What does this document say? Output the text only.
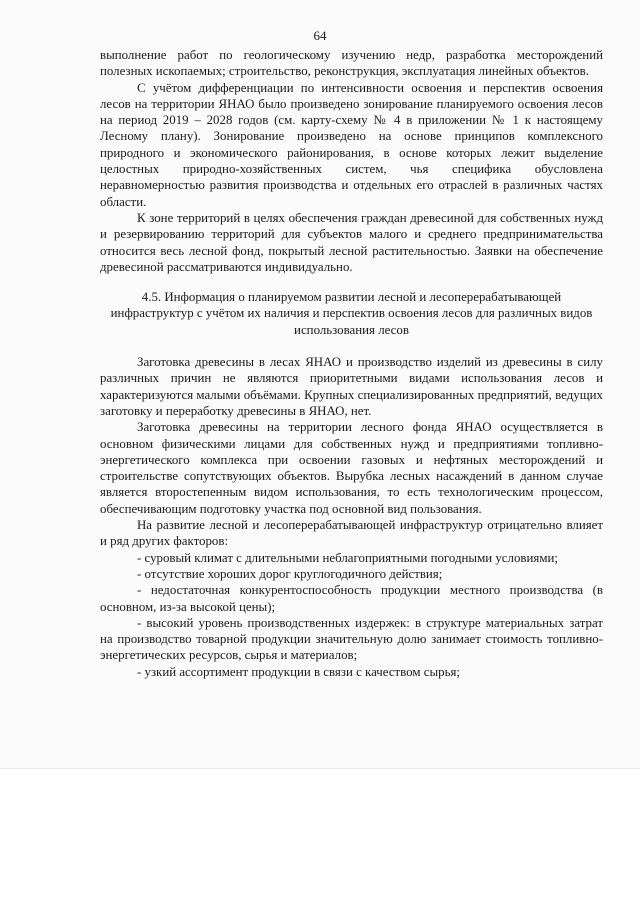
64

выполнение работ по геологическому изучению недр, разработка месторождений полезных ископаемых; строительство, реконструкция, эксплуатация линейных объектов.

С учётом дифференциации по интенсивности освоения и перспектив освоения лесов на территории ЯНАО было произведено зонирование планируемого освоения лесов на период 2019 – 2028 годов (см. карту-схему № 4 в приложении № 1 к настоящему Лесному плану). Зонирование произведено на основе принципов комплексного природного и экономического районирования, в основе которых лежит выделение целостных природно-хозяйственных систем, чья специфика обусловлена неравномерностью развития производства и отдельных его отраслей в различных частях области.

К зоне территорий в целях обеспечения граждан древесиной для собственных нужд и резервированию территорий для субъектов малого и среднего предпринимательства относится весь лесной фонд, покрытый лесной растительностью. Заявки на обеспечение древесиной рассматриваются индивидуально.

4.5. Информация о планируемом развитии лесной и лесоперерабатывающей инфраструктур с учётом их наличия и перспектив освоения лесов для различных видов использования лесов

Заготовка древесины в лесах ЯНАО и производство изделий из древесины в силу различных причин не являются приоритетными видами использования лесов и характеризуются малыми объёмами. Крупных специализированных предприятий, ведущих заготовку и переработку древесины в ЯНАО, нет.

Заготовка древесины на территории лесного фонда ЯНАО осуществляется в основном физическими лицами для собственных нужд и предприятиями топливно-энергетического комплекса при освоении газовых и нефтяных месторождений и строительстве сопутствующих объектов. Вырубка лесных насаждений в данном случае является второстепенным видом использования, то есть технологическим процессом, обеспечивающим подготовку участка под основной вид пользования.

На развитие лесной и лесоперерабатывающей инфраструктур отрицательно влияет и ряд других факторов:

- суровый климат с длительными неблагоприятными погодными условиями;

- отсутствие хороших дорог круглогодичного действия;

- недостаточная конкурентоспособность продукции местного производства (в основном, из-за высокой цены);

- высокий уровень производственных издержек: в структуре материальных затрат на производство товарной продукции значительную долю занимает стоимость топливно-энергетических ресурсов, сырья и материалов;

- узкий ассортимент продукции в связи с качеством сырья;
